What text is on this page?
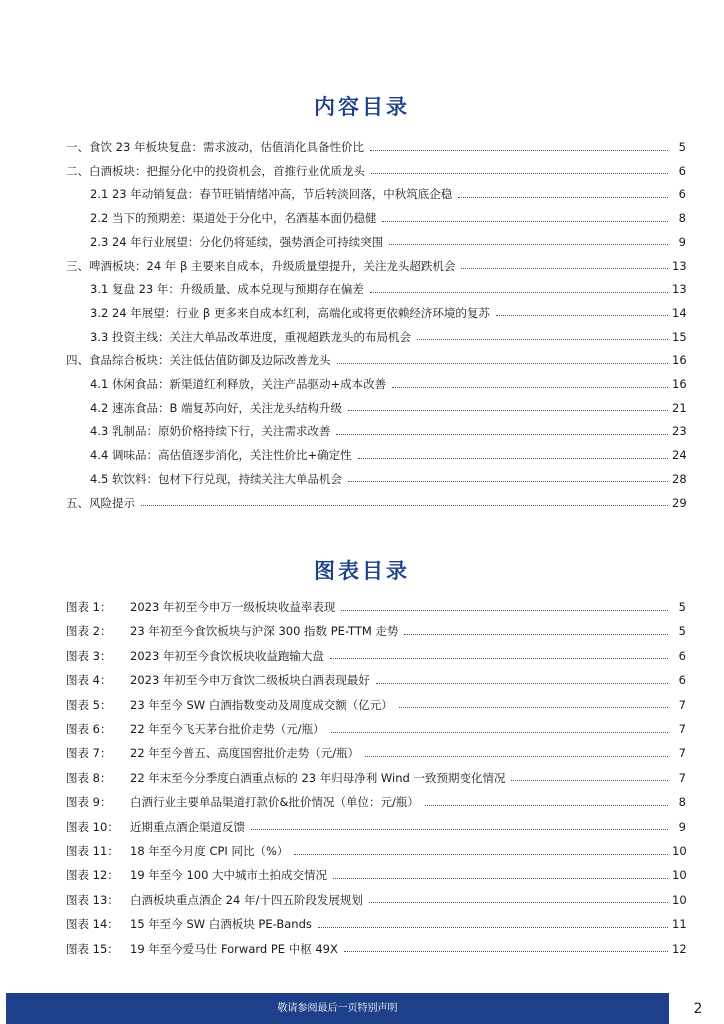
内容目录
一、食饮 23 年板块复盘：需求波动，估值消化具备性价比	5
二、白酒板块：把握分化中的投资机会，首推行业优质龙头	6
2.1 23 年动销复盘：春节旺销情绪冲高，节后转淡回落，中秋筑底企稳	6
2.2 当下的预期差：渠道处于分化中，名酒基本面仍稳健	8
2.3 24 年行业展望：分化仍将延续，强势酒企可持续突围	9
三、啤酒板块：24 年 β 主要来自成本，升级质量望提升，关注龙头超跌机会	13
3.1 复盘 23 年：升级质量、成本兑现与预期存在偏差	13
3.2 24 年展望：行业 β 更多来自成本红利，高端化或将更依赖经济环境的复苏	14
3.3 投资主线：关注大单品改革进度，重视超跌龙头的布局机会	15
四、食品综合板块：关注低估值防御及边际改善龙头	16
4.1 休闲食品：新渠道红利释放，关注产品驱动+成本改善	16
4.2 速冻食品：B 端复苏向好，关注龙头结构升级	21
4.3 乳制品：原奶价格持续下行，关注需求改善	23
4.4 调味品：高估值逐步消化，关注性价比+确定性	24
4.5 软饮料：包材下行兑现，持续关注大单品机会	28
五、风险提示	29
图表目录
图表 1：	2023 年初至今申万一级板块收益率表现	5
图表 2：	23 年初至今食饮板块与沪深 300 指数 PE-TTM 走势	5
图表 3：	2023 年初至今食饮板块收益跑输大盘	6
图表 4：	2023 年初至今申万食饮二级板块白酒表现最好	6
图表 5：	23 年至今 SW 白酒指数变动及周度成交额（亿元）	7
图表 6：	22 年至今飞天茅台批价走势（元/瓶）	7
图表 7：	22 年至今普五、高度国窖批价走势（元/瓶）	7
图表 8：	22 年末至今分季度白酒重点标的 23 年归母净利 Wind 一致预期变化情况	7
图表 9：	白酒行业主要单品渠道打款价&批价情况（单位：元/瓶）	8
图表 10： 近期重点酒企渠道反馈	9
图表 11： 18 年至今月度 CPI 同比（%）	10
图表 12： 19 年至今 100 大中城市土拍成交情况	10
图表 13： 白酒板块重点酒企 24 年/十四五阶段发展规划	10
图表 14： 15 年至今 SW 白酒板块 PE-Bands	11
图表 15： 19 年至今爱马仕 Forward PE 中枢 49X	12
敬请参阅最后一页特别声明	2
